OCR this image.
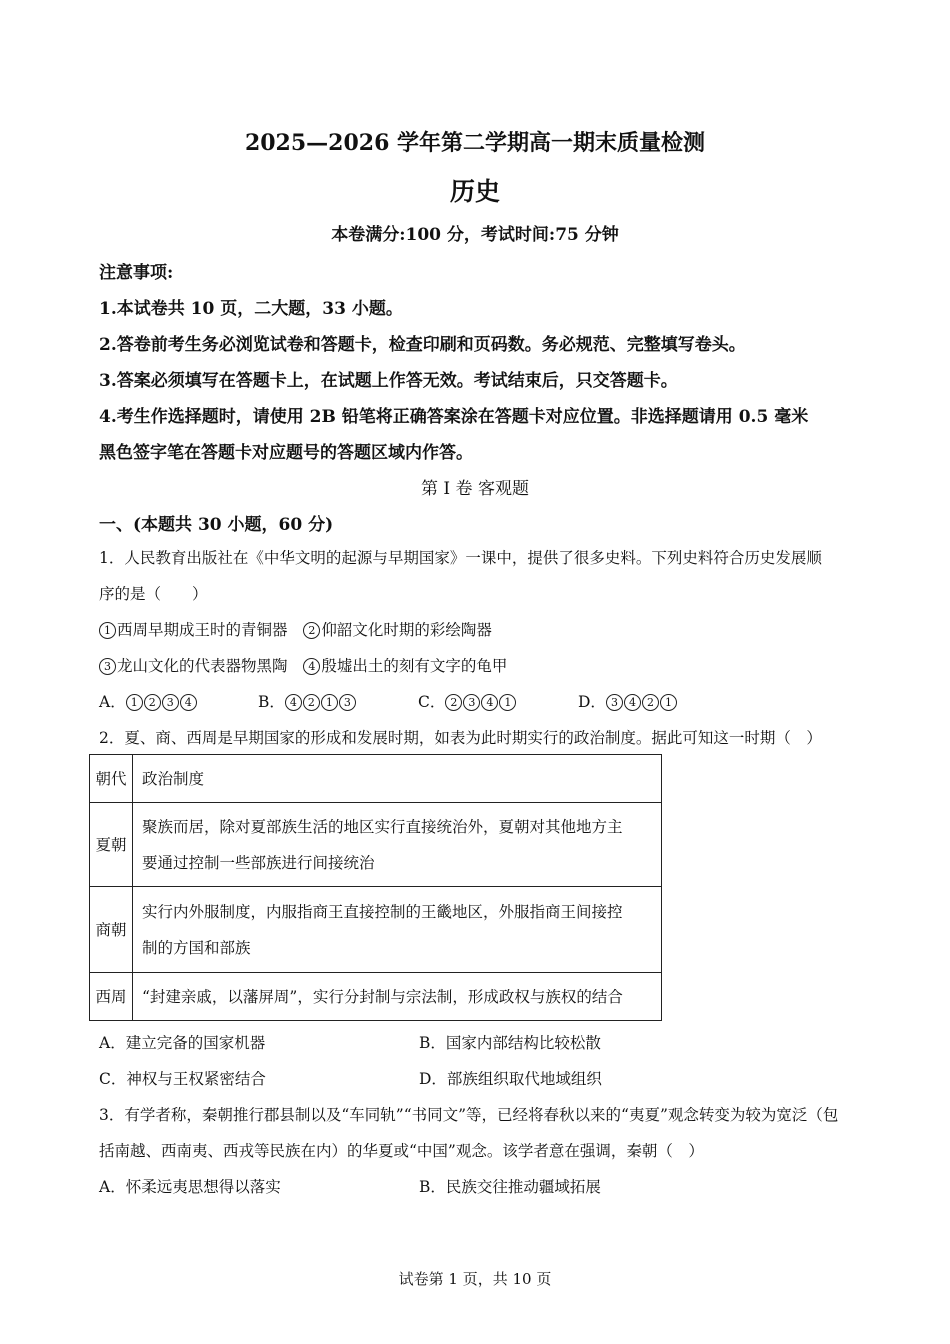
2025—2026 学年第二学期高一期末质量检测
历史
本卷满分:100 分，考试时间:75 分钟
注意事项:
1.本试卷共 10 页，二大题，33 小题。
2.答卷前考生务必浏览试卷和答题卡，检查印刷和页码数。务必规范、完整填写卷头。
3.答案必须填写在答题卡上，在试题上作答无效。考试结束后，只交答题卡。
4.考生作选择题时，请使用 2B 铅笔将正确答案涂在答题卡对应位置。非选择题请用 0.5 毫米
黑色签字笔在答题卡对应题号的答题区域内作答。
第 I 卷 客观题
一、(本题共 30 小题，60 分)
1．人民教育出版社在《中华文明的起源与早期国家》一课中，提供了很多史料。下列史料符合历史发展顺
序的是（　　）
1 西周早期成王时的青铜器 2 仰韶文化时期的彩绘陶器
3 龙山文化的代表器物黑陶 4 殷墟出土的刻有文字的龟甲
A． 1 2 3 4	B． 4 2 1 3	C． 2 3 4 1	D． 3 4 2 1
2．夏、商、西周是早期国家的形成和发展时期，如表为此时期实行的政治制度。据此可知这一时期（　）
朝代	政治制度
夏朝	聚族而居，除对夏部族生活的地区实行直接统治外，夏朝对其他地方主
要通过控制一些部族进行间接统治

商朝	实行内外服制度，内服指商王直接控制的王畿地区，外服指商王间接控
制的方国和部族

西周	“封建亲戚，以藩屏周”，实行分封制与宗法制，形成政权与族权的结合
A．建立完备的国家机器	B．国家内部结构比较松散
C．神权与王权紧密结合	D．部族组织取代地域组织
3．有学者称，秦朝推行郡县制以及“车同轨”“书同文”等，已经将春秋以来的“夷夏”观念转变为较为宽泛（包
括南越、西南夷、西戎等民族在内）的华夏或“中国”观念。该学者意在强调，秦朝（　）
A．怀柔远夷思想得以落实	B．民族交往推动疆域拓展
试卷第 1 页，共 10 页
